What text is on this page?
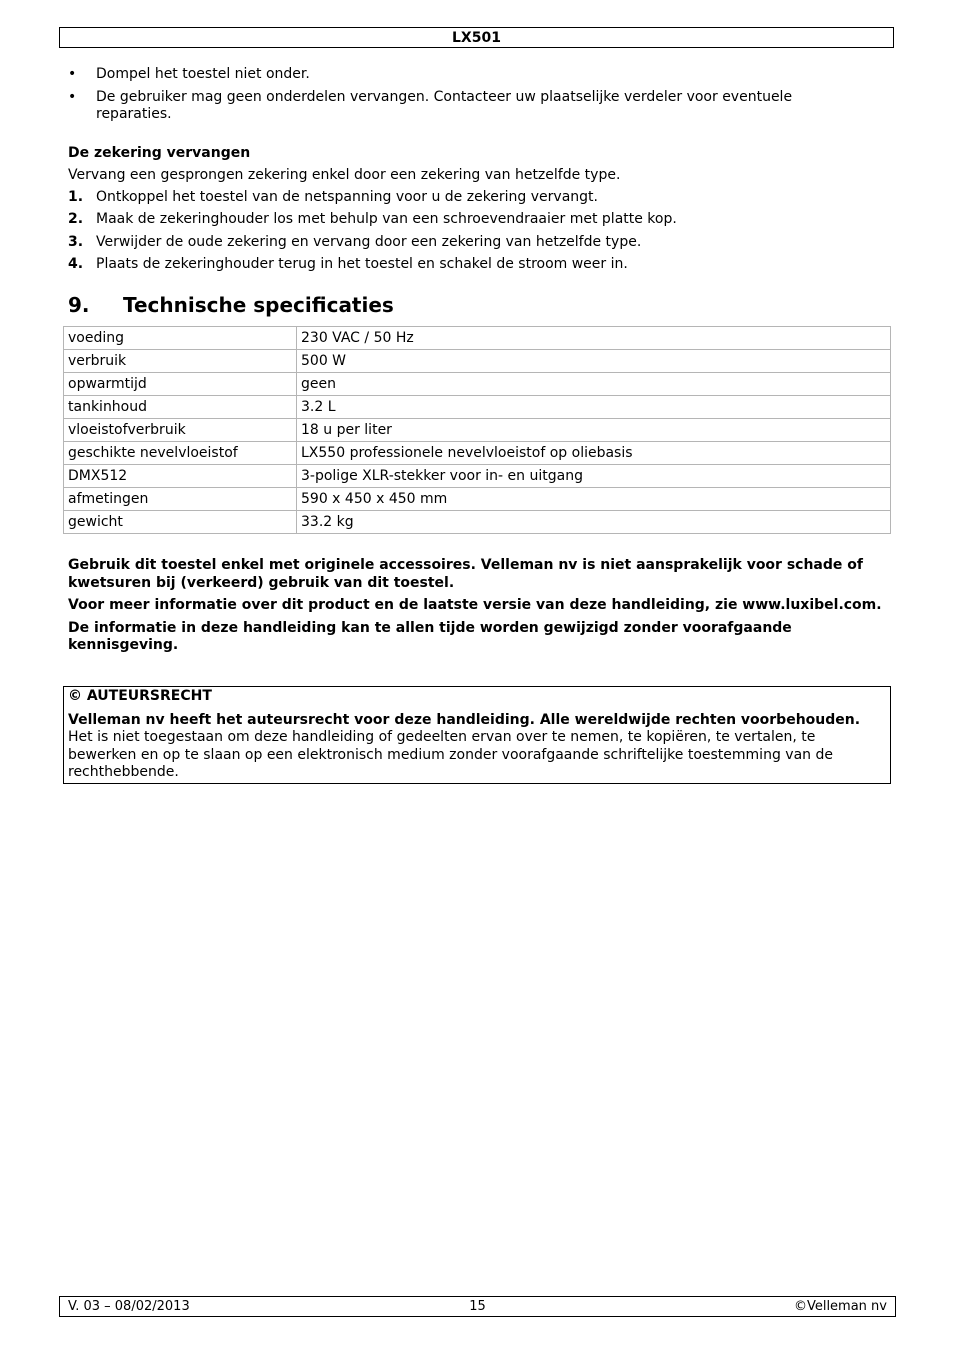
LX501
• Dompel het toestel niet onder.
• De gebruiker mag geen onderdelen vervangen. Contacteer uw plaatselijke verdeler voor eventuele reparaties.
De zekering vervangen

Vervang een gesprongen zekering enkel door een zekering van hetzelfde type.

1. Ontkoppel het toestel van de netspanning voor u de zekering vervangt.
2. Maak de zekeringhouder los met behulp van een schroevendraaier met platte kop.
3. Verwijder de oude zekering en vervang door een zekering van hetzelfde type.
4. Plaats de zekeringhouder terug in het toestel en schakel de stroom weer in.
9. Technische specificaties
voeding	230 VAC / 50 Hz
verbruik	500 W
opwarmtijd	geen
tankinhoud	3.2 L
vloeistofverbruik	18 u per liter
geschikte nevelvloeistof	LX550 professionele nevelvloeistof op oliebasis
DMX512	3-polige XLR-stekker voor in- en uitgang
afmetingen	590 x 450 x 450 mm
gewicht	33.2 kg

Gebruik dit toestel enkel met originele accessoires. Velleman nv is niet aansprakelijk voor schade of kwetsuren bij (verkeerd) gebruik van dit toestel.

Voor meer informatie over dit product en de laatste versie van deze handleiding, zie www.luxibel.com.

De informatie in deze handleiding kan te allen tijde worden gewijzigd zonder voorafgaande kennisgeving.

© AUTEURSRECHT

Velleman nv heeft het auteursrecht voor deze handleiding. Alle wereldwijde rechten voorbehouden.

Het is niet toegestaan om deze handleiding of gedeelten ervan over te nemen, te kopiëren, te vertalen, te bewerken en op te slaan op een elektronisch medium zonder voorafgaande schriftelijke toestemming van de rechthebbende.

V. 03 – 08/02/2013	15	©Velleman nv
